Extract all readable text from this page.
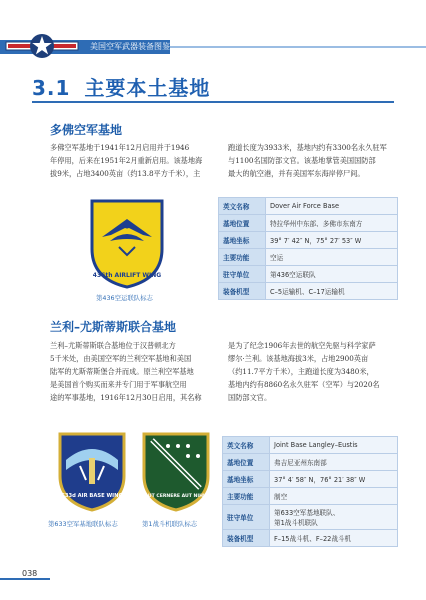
美国空军武器装备图鉴
3.1 主要本土基地
多佛空军基地
多佛空军基地于1941年12月启用并于1946
年停用，后来在1951年2月重新启用。该基地海
拔9米，占地3400英亩（约13.8平方千米），主
跑道长度为3933米，基地内约有3300名永久驻军
与1100名国防部文官。该基地掌管美国国防部
最大的航空港，并有美国军东海岸停尸间。
436th AIRLIFT WING
第436空运联队标志
英文名称	Dover Air Force Base
基地位置	特拉华州中东部、多佛市东南方
基地坐标	39° 7′ 42″ N，75° 27′ 53″ W
主要功能	空运
驻守单位	第436空运联队
装备机型	C–5运输机、C–17运输机
兰利–尤斯蒂斯联合基地
兰利–尤斯蒂斯联合基地位于汉普顿北方
5千米处，由美国空军的兰利空军基地和美国
陆军的尤斯蒂斯堡合并而成。原兰利空军基地
是美国首个购买而来并专门用于军事航空用
途的军事基地，1916年12月30日启用，其名称
是为了纪念1906年去世的航空先驱与科学家萨
缪尔·兰利。该基地海拔3米，占地2900英亩
（约11.7平方千米），主跑道长度为3480米，
基地内约有8860名永久驻军（空军）与2020名
国防部文官。
633d AIR BASE WING	AUT CERNERE AUT NIHIL
第633空军基地联队标志	第1战斗机联队标志
英文名称	Joint Base Langley–Eustis
基地位置	弗吉尼亚州东南部
基地坐标	37° 4′ 58″ N，76° 21′ 38″ W
主要功能	制空
驻守单位	第633空军基地联队、
第1战斗机联队
装备机型	F–15战斗机、F–22战斗机
038
